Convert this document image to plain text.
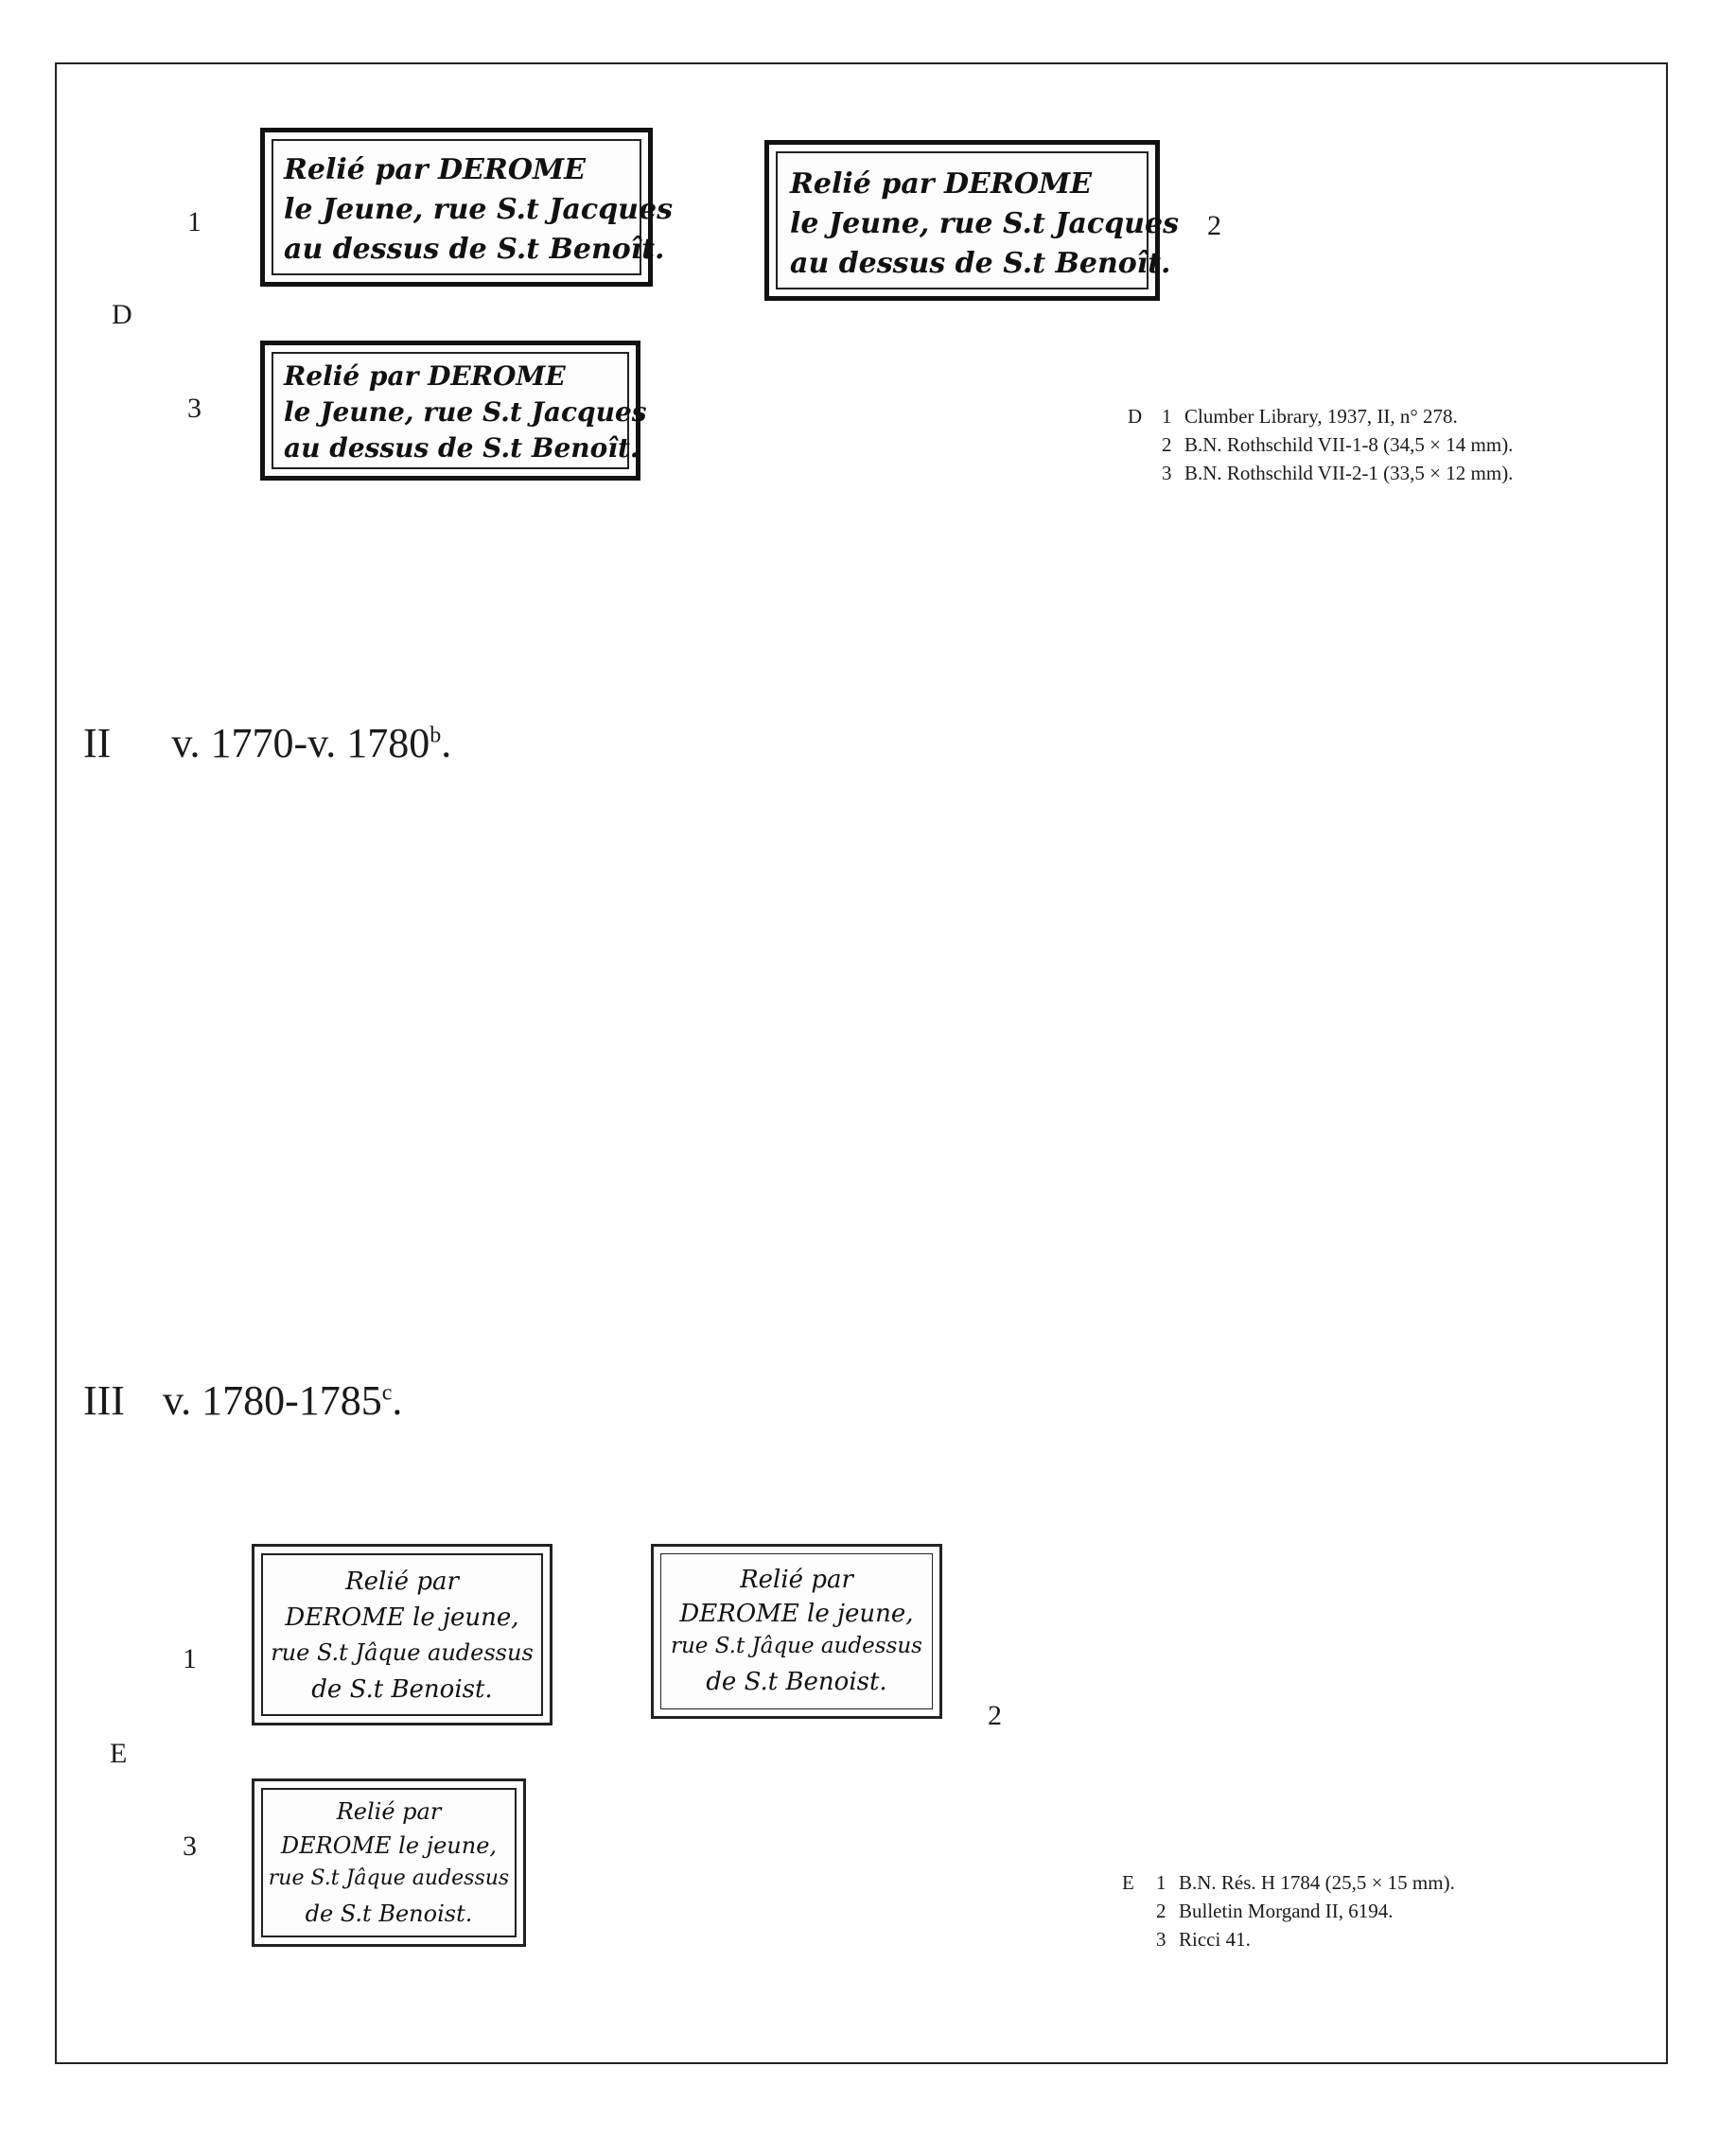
D
1	2
3
Relié par DEROME
le Jeune, rue S.t Jacques
au dessus de S.t Benoît.
Relié par DEROME
le Jeune, rue S.t Jacques
au dessus de S.t Benoît.
Relié par DEROME
le Jeune, rue S.t Jacques
au dessus de S.t Benoît.
D 1 Clumber Library, 1937, II, n° 278.
2 B.N. Rothschild VII-1-8 (34,5 × 14 mm).
3 B.N. Rothschild VII-2-1 (33,5 × 12 mm).
II v. 1770-v. 1780$^b$.
III v. 1780-1785$^c$.
E
1
2
3
Relié par
DEROME le jeune,
rue S.t Jâque audessus
de S.t Benoist.
Relié par
DEROME le jeune,
rue S.t Jâque audessus
de S.t Benoist.
Relié par
DEROME le jeune,
rue S.t Jâque audessus
de S.t Benoist.
E 1 B.N. Rés. H 1784 (25,5 × 15 mm).
2 Bulletin Morgand II, 6194.
3 Ricci 41.
